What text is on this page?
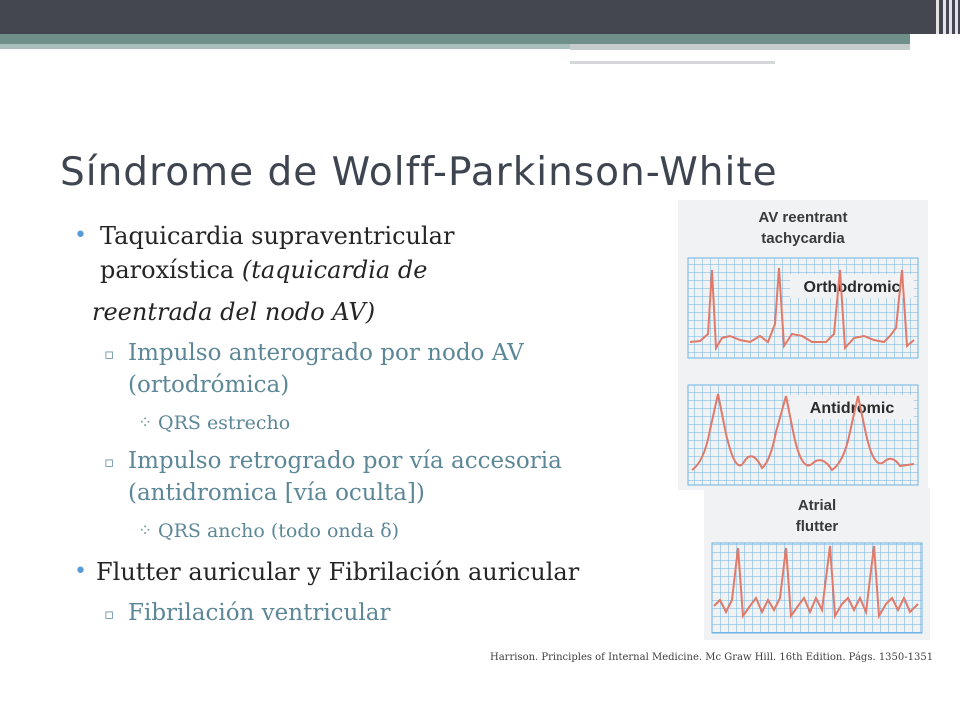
Síndrome de Wolff-Parkinson-White
• Taquicardia supraventricular
paroxística (taquicardia de
reentrada del nodo AV)
▫ Impulso anterogrado por nodo AV
(ortodrómica)
⁘ QRS estrecho
▫ Impulso retrogrado por vía accesoria
(antidromica [vía oculta])
⁘ QRS ancho (todo onda δ)
• Flutter auricular y Fibrilación auricular
▫ Fibrilación ventricular
AV reentrant
tachycardia
Orthodromic
Antidromic
Atrial
flutter
Harrison. Principles of Internal Medicine. Mc Graw Hill. 16th Edition. Págs. 1350-1351
